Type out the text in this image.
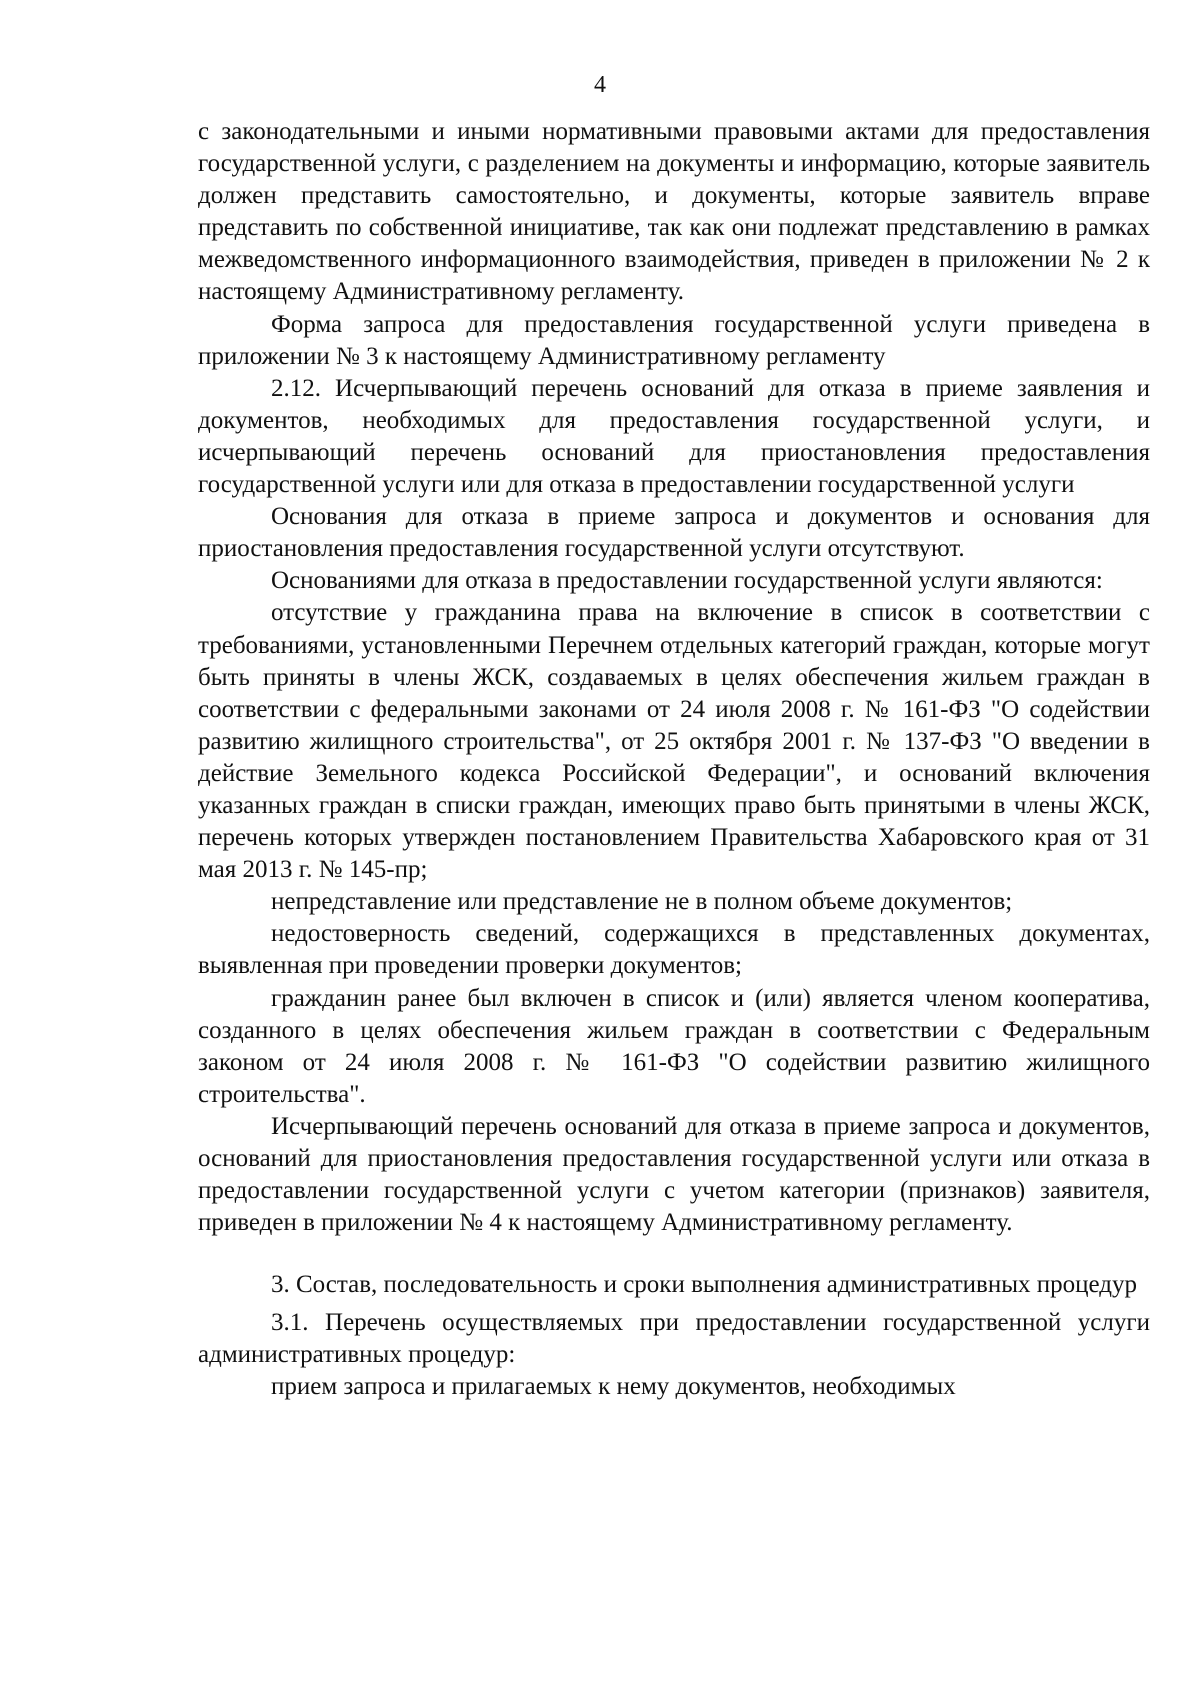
4

с законодательными и иными нормативными правовыми актами для предоставления государственной услуги, с разделением на документы и информацию, которые заявитель должен представить самостоятельно, и документы, которые заявитель вправе представить по собственной инициативе, так как они подлежат представлению в рамках межведомственного информационного взаимодействия, приведен в приложении № 2 к настоящему Административному регламенту.

Форма запроса для предоставления государственной услуги приведена в приложении № 3 к настоящему Административному регламенту

2.12. Исчерпывающий перечень оснований для отказа в приеме заявления и документов, необходимых для предоставления государственной услуги, и исчерпывающий перечень оснований для приостановления предоставления государственной услуги или для отказа в предоставлении государственной услуги

Основания для отказа в приеме запроса и документов и основания для приостановления предоставления государственной услуги отсутствуют.

Основаниями для отказа в предоставлении государственной услуги являются:

отсутствие у гражданина права на включение в список в соответствии с требованиями, установленными Перечнем отдельных категорий граждан, которые могут быть приняты в члены ЖСК, создаваемых в целях обеспечения жильем граждан в соответствии с федеральными законами от 24 июля 2008 г. № 161-ФЗ "О содействии развитию жилищного строительства", от 25 октября 2001 г. № 137-ФЗ "О введении в действие Земельного кодекса Российской Федерации", и оснований включения указанных граждан в списки граждан, имеющих право быть принятыми в члены ЖСК, перечень которых утвержден постановлением Правительства Хабаровского края от 31 мая 2013 г. № 145-пр;

непредставление или представление не в полном объеме документов;

недостоверность сведений, содержащихся в представленных документах, выявленная при проведении проверки документов;

гражданин ранее был включен в список и (или) является членом кооператива, созданного в целях обеспечения жильем граждан в соответствии с Федеральным законом от 24 июля 2008 г. № 161-ФЗ "О содействии развитию жилищного строительства".

Исчерпывающий перечень оснований для отказа в приеме запроса и документов, оснований для приостановления предоставления государственной услуги или отказа в предоставлении государственной услуги с учетом категории (признаков) заявителя, приведен в приложении № 4 к настоящему Административному регламенту.

3. Состав, последовательность и сроки выполнения административных процедур

3.1. Перечень осуществляемых при предоставлении государственной услуги административных процедур:

прием запроса и прилагаемых к нему документов, необходимых
